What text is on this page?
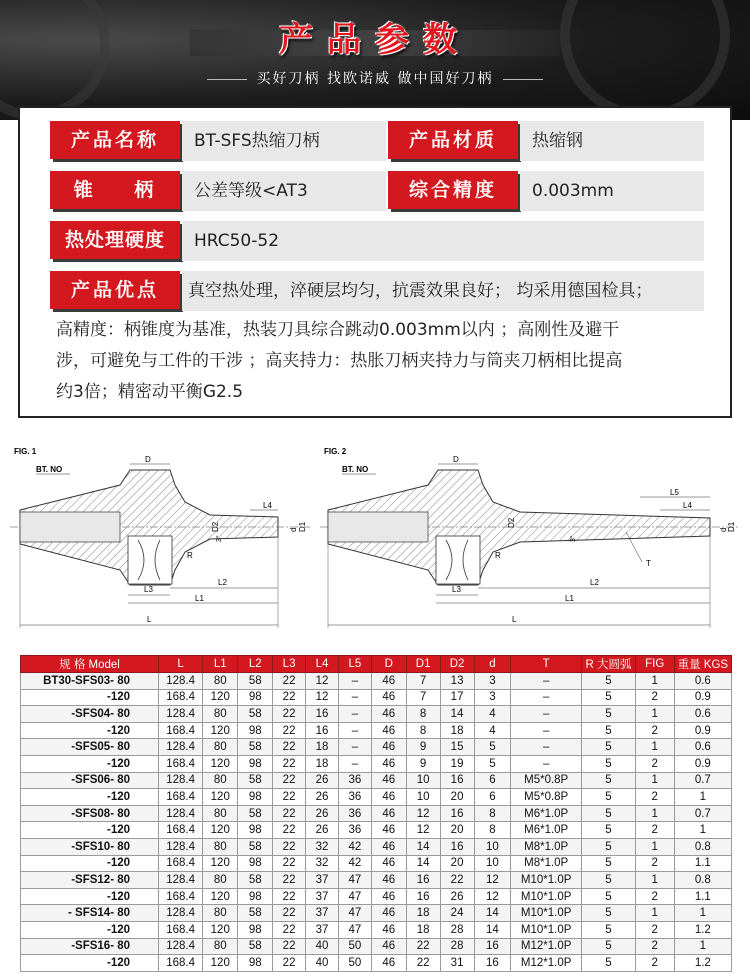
产品参数
买好刀柄 找欧诺威 做中国好刀柄
产品名称	BT-SFS热缩刀柄	产品材质	热缩钢
锥    柄	公差等级<AT3	综合精度	0.003mm
热处理硬度	HRC50-52
产品优点	真空热处理，淬硬层均匀，抗震效果良好； 均采用德国检具；
高精度：柄锥度为基准，热装刀具综合跳动0.003mm以内 ；高刚性及避干
涉，可避免与工件的干涉 ；高夹持力：热胀刀柄夹持力与筒夹刀柄相比提高
约3倍；精密动平衡G2.5
FIG. 1
BT. NO
D
L4
D2	d D1
3°
R
L3
L2
L1
L
FIG. 2
BT. NO
D
L5
L4
D2
d D1
3°
T
R
L3
L2
L1
L
规 格 Model	L	L1	L2	L3	L4	L5	D	D1	D2	d	T	R 大圆弧	FIG	重量 KGS
BT30-SFS03- 80	128.4	80	58	22	12	–	46	7	13	3	–	5	1	0.6
-120	168.4	120	98	22	12	–	46	7	17	3	–	5	2	0.9
-SFS04- 80	128.4	80	58	22	16	–	46	8	14	4	–	5	1	0.6
-120	168.4	120	98	22	16	–	46	8	18	4	–	5	2	0.9
-SFS05- 80	128.4	80	58	22	18	–	46	9	15	5	–	5	1	0.6
-120	168.4	120	98	22	18	–	46	9	19	5	–	5	2	0.9
-SFS06- 80	128.4	80	58	22	26	36	46	10	16	6	M5*0.8P	5	1	0.7
-120	168.4	120	98	22	26	36	46	10	20	6	M5*0.8P	5	2	1
-SFS08- 80	128.4	80	58	22	26	36	46	12	16	8	M6*1.0P	5	1	0.7
-120	168.4	120	98	22	26	36	46	12	20	8	M6*1.0P	5	2	1
-SFS10- 80	128.4	80	58	22	32	42	46	14	16	10	M8*1.0P	5	1	0.8
-120	168.4	120	98	22	32	42	46	14	20	10	M8*1.0P	5	2	1.1
-SFS12- 80	128.4	80	58	22	37	47	46	16	22	12	M10*1.0P	5	1	0.8
-120	168.4	120	98	22	37	47	46	16	26	12	M10*1.0P	5	2	1.1
- SFS14- 80	128.4	80	58	22	37	47	46	18	24	14	M10*1.0P	5	1	1
-120	168.4	120	98	22	37	47	46	18	28	14	M10*1.0P	5	2	1.2
-SFS16- 80	128.4	80	58	22	40	50	46	22	28	16	M12*1.0P	5	2	1
-120	168.4	120	98	22	40	50	46	22	31	16	M12*1.0P	5	2	1.2
